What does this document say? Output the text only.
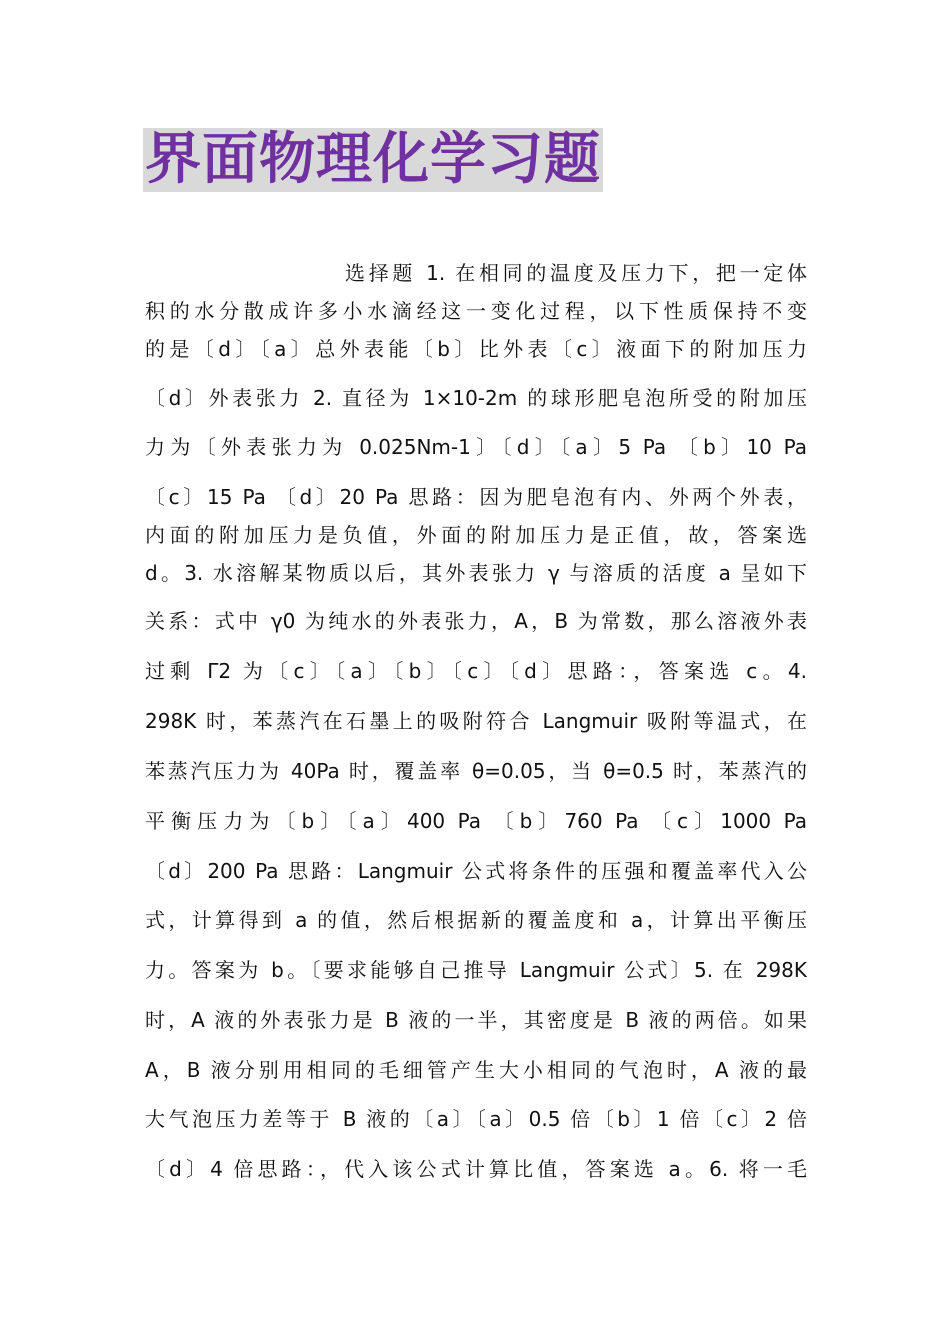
界面物理化学习题
选择题 1. 在相同的温度及压力下，把一定体
积的水分散成许多小水滴经这一变化过程，以下性质保持不变
的是〔d〕〔a〕总外表能〔b〕比外表〔c〕液面下的附加压力
〔d〕外表张力 2. 直径为 1×10-2m 的球形肥皂泡所受的附加压
力为〔外表张力为 0.025Nm-1〕〔d〕〔a〕5 Pa 〔b〕10 Pa
〔c〕15 Pa 〔d〕20 Pa 思路：因为肥皂泡有内、外两个外表，
内面的附加压力是负值，外面的附加压力是正值，故，答案选
d。3. 水溶解某物质以后，其外表张力 γ 与溶质的活度 a 呈如下
关系：式中 γ0 为纯水的外表张力，A，B 为常数，那么溶液外表
过剩 Γ2 为〔c〕〔a〕〔b〕〔c〕〔d〕思路：，答案选 c。4.
298K 时，苯蒸汽在石墨上的吸附符合 Langmuir 吸附等温式，在
苯蒸汽压力为 40Pa 时，覆盖率 θ=0.05，当 θ=0.5 时，苯蒸汽的
平衡压力为〔b〕〔a〕400 Pa 〔b〕760 Pa 〔c〕1000 Pa
〔d〕200 Pa 思路：Langmuir 公式将条件的压强和覆盖率代入公
式，计算得到 a 的值，然后根据新的覆盖度和 a，计算出平衡压
力。答案为 b。〔要求能够自己推导 Langmuir 公式〕5. 在 298K
时，A 液的外表张力是 B 液的一半，其密度是 B 液的两倍。如果
A，B 液分别用相同的毛细管产生大小相同的气泡时，A 液的最
大气泡压力差等于 B 液的〔a〕〔a〕0.5 倍〔b〕1 倍〔c〕2 倍
〔d〕4 倍思路：，代入该公式计算比值，答案选 a。6. 将一毛
